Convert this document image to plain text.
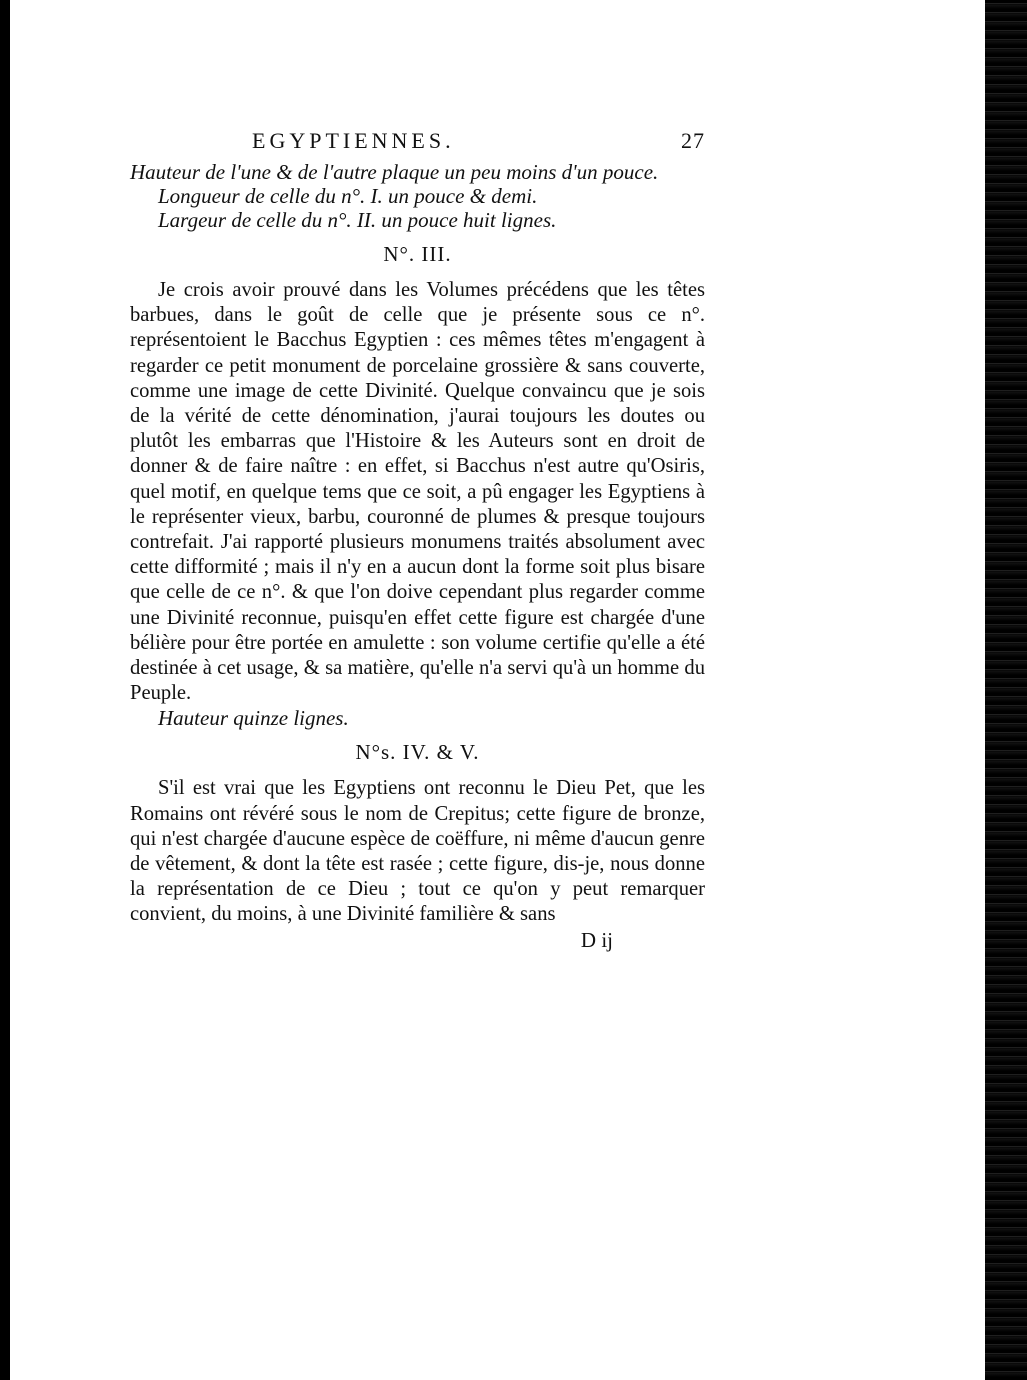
EGYPTIENNES.	27

Hauteur de l'une & de l'autre plaque un peu moins d'un pouce.

Longueur de celle du n°. I. un pouce & demi.

Largeur de celle du n°. II. un pouce huit lignes.

N°. III.

Je crois avoir prouvé dans les Volumes précédens que les têtes barbues, dans le goût de celle que je présente sous ce n°. représentoient le Bacchus Egyptien : ces mêmes têtes m'engagent à regarder ce petit monument de porcelaine grossière & sans couverte, comme une image de cette Divinité. Quelque convaincu que je sois de la vérité de cette dénomination, j'aurai toujours les doutes ou plutôt les embarras que l'Histoire & les Auteurs sont en droit de donner & de faire naître : en effet, si Bacchus n'est autre qu'Osiris, quel motif, en quelque tems que ce soit, a pû engager les Egyptiens à le représenter vieux, barbu, couronné de plumes & presque toujours contrefait. J'ai rapporté plusieurs monumens traités absolument avec cette difformité ; mais il n'y en a aucun dont la forme soit plus bisare que celle de ce n°. & que l'on doive cependant plus regarder comme une Divinité reconnue, puisqu'en effet cette figure est chargée d'une bélière pour être portée en amulette : son volume certifie qu'elle a été destinée à cet usage, & sa matière, qu'elle n'a servi qu'à un homme du Peuple.

Hauteur quinze lignes.

N°s. IV. & V.

S'il est vrai que les Egyptiens ont reconnu le Dieu Pet, que les Romains ont révéré sous le nom de Crepitus; cette figure de bronze, qui n'est chargée d'aucune espèce de coëffure, ni même d'aucun genre de vêtement, & dont la tête est rasée ; cette figure, dis-je, nous donne la représentation de ce Dieu ; tout ce qu'on y peut remarquer convient, du moins, à une Divinité familière & sans

D ij
